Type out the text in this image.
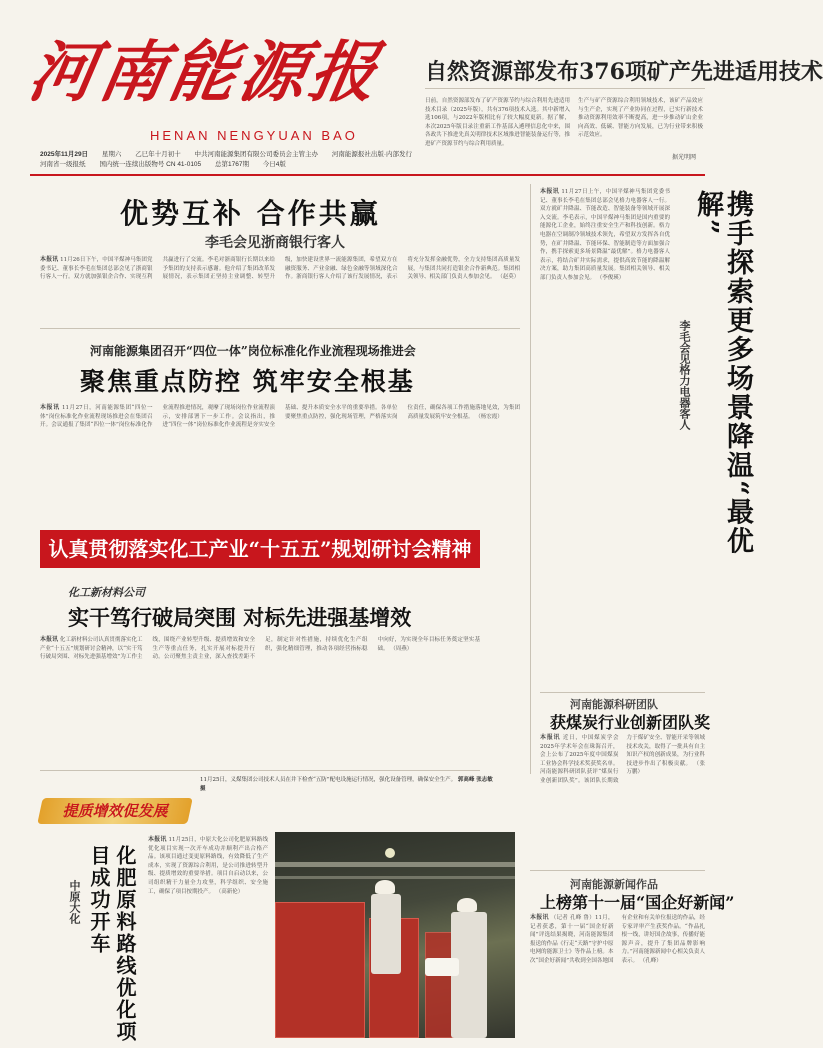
河南能源报
HENAN NENGYUAN BAO
自然资源部发布376项矿产先进适用技术
日前，自然资源部发布了矿产资源节约与综合利用先进适用技术目录（2025年版），共有376项技术入选。其中新增入选106项，与2022年版相比有了较大幅度更新。据了解，本次2025年版目录注重新工作基部入遴理信息化中来，围各政共下推进先真关明律技术区域推进智能装备运行等，推进矿产资源节约与综合利用质量。
生产与矿产资源综合利用领域技术，该矿产品效应与生产企，实现了产业协同在过程，已实行新技术推动资源利用效率不断提高，进一步推动矿山企业向高效、低碳、智能方向发展，已为行业带来积极示范效应。
据光明网
2025年11月29日 星期六 乙巳年十月初十 中共河南能源集团有限公司委员会主管主办 河南能源报社出版·内部发行
河南省一级报纸 国内统一连续出版物号 CN 41-0105 总第1767期 今日4版
优势互补 合作共赢
李毛会见浙商银行客人
本报讯 11月26日下午，中国平煤神马集团党委书记、董事长李毛在集团总部会见了浙商银行客人一行。双方就加强银企合作、实现互利共赢进行了交流。李毛对浙商银行长期以来给予集团的支持表示感谢。他介绍了集团改革发展情况，表示集团正坚持主业调整、转型升级，加快建设世界一流能源集团，希望双方在融资服务、产业金融、绿色金融等领域深化合作。浙商银行客人介绍了该行发展情况，表示将充分发挥金融优势，全力支持集团高质量发展，与集团共同打造银企合作新典范。集团相关领导、相关部门负责人参加会见。 （赵莫）
河南能源集团召开“四位一体”岗位标准化作业流程现场推进会
聚焦重点防控 筑牢安全根基
本报讯 11月27日，河南能源集团“四位一体”岗位标准化作业流程现场推进会在集团召开。会议通报了集团“四位一体”岗位标准化作业流程推进情况，观摩了现场岗位作业流程演示，安排部署下一步工作。会议指出，推进“四位一体”岗位标准化作业流程是夯实安全基础、提升本质安全水平的重要举措。各单位要聚焦重点防控，强化现场管理，严格落实岗位责任，确保各项工作措施落地见效，为集团高质量发展筑牢安全根基。 （杨宏霞）
认真贯彻落实化工产业“十五五”规划研讨会精神
化工新材料公司
实干笃行破局突围 对标先进强基增效
本报讯 化工新材料公司认真贯彻落实化工产业“十五五”规划研讨会精神，以“实干笃行破局突围、对标先进强基增效”为工作主线，围绕产业转型升级、提质增效和安全生产等重点任务，扎实开展对标提升行动。公司聚焦主责主业，深入查找差距不足，制定针对性措施，持续优化生产组织，强化精细管理，推动各项经营指标稳中向好，为实现全年目标任务奠定坚实基础。 （周燕）
提质增效促发展
中原大化	化肥原料路线优化项目成功开车
本报讯 11月25日，中原大化公司化肥原料路线优化项目实现一次开车成功并顺利产出合格产品。该项目通过变更原料路线，有效降低了生产成本，实现了资源综合利用，是公司推进转型升级、提质增效的重要举措。项目自启动以来，公司组织精干力量全力攻坚，科学组织、安全施工，确保了项目按期投产。 （高新伦）
11月25日，义煤集团公司技术人员在井下检查“五防”配电设施运行情况，强化设备管理，确保安全生产。 郭高峰 张志敏 摄
本报讯 11月27日上午，中国平煤神马集团党委书记、董事长李毛在集团总部会见格力电器客人一行。双方就矿井降温、节能改造、智能装备等领域开展深入交流。李毛表示，中国平煤神马集团是国内重要的能源化工企业，始终注重安全生产和科技创新。格力电器在空调制冷领域技术领先，希望双方发挥各自优势，在矿井降温、节能环保、智能制造等方面加强合作，携手探索更多场景降温“最优解”。格力电器客人表示，将结合矿井实际需求，提供高效节能的降温解决方案，助力集团高质量发展。集团相关领导、相关部门负责人参加会见。 （李俊瑛）
李毛会见格力电器客人	携手探索更多场景降温“最优解”
河南能源科研团队
获煤炭行业创新团队奖
本报讯 近日，中国煤炭学会2025年学术年会在珠海召开，会上公布了2025年度中国煤炭工业协会科学技术奖获奖名单。河南能源科研团队获评“煤炭行业创新团队奖”。该团队长期致力于煤矿安全、智能开采等领域技术攻关，取得了一批具有自主知识产权的创新成果，为行业科技进步作出了积极贡献。 （张万鹏）
河南能源新闻作品
上榜第十一届“国企好新闻”
本报讯 （记者 孔峰 鲁）11月，记者获悉，第十一届“国企好新闻”评选结果揭晓，河南能源集团报送的作品《行走“天路”守护中原电网的能源卫士》等作品上榜。本次“国企好新闻”共收到全国各地国有企业和有关单位报送的作品，经专家评审产生获奖作品。“作品扎根一线，讲好国企故事，传播好能源声音，提升了集团品牌影响力。”河南能源新闻中心相关负责人表示。 （孔峰）
